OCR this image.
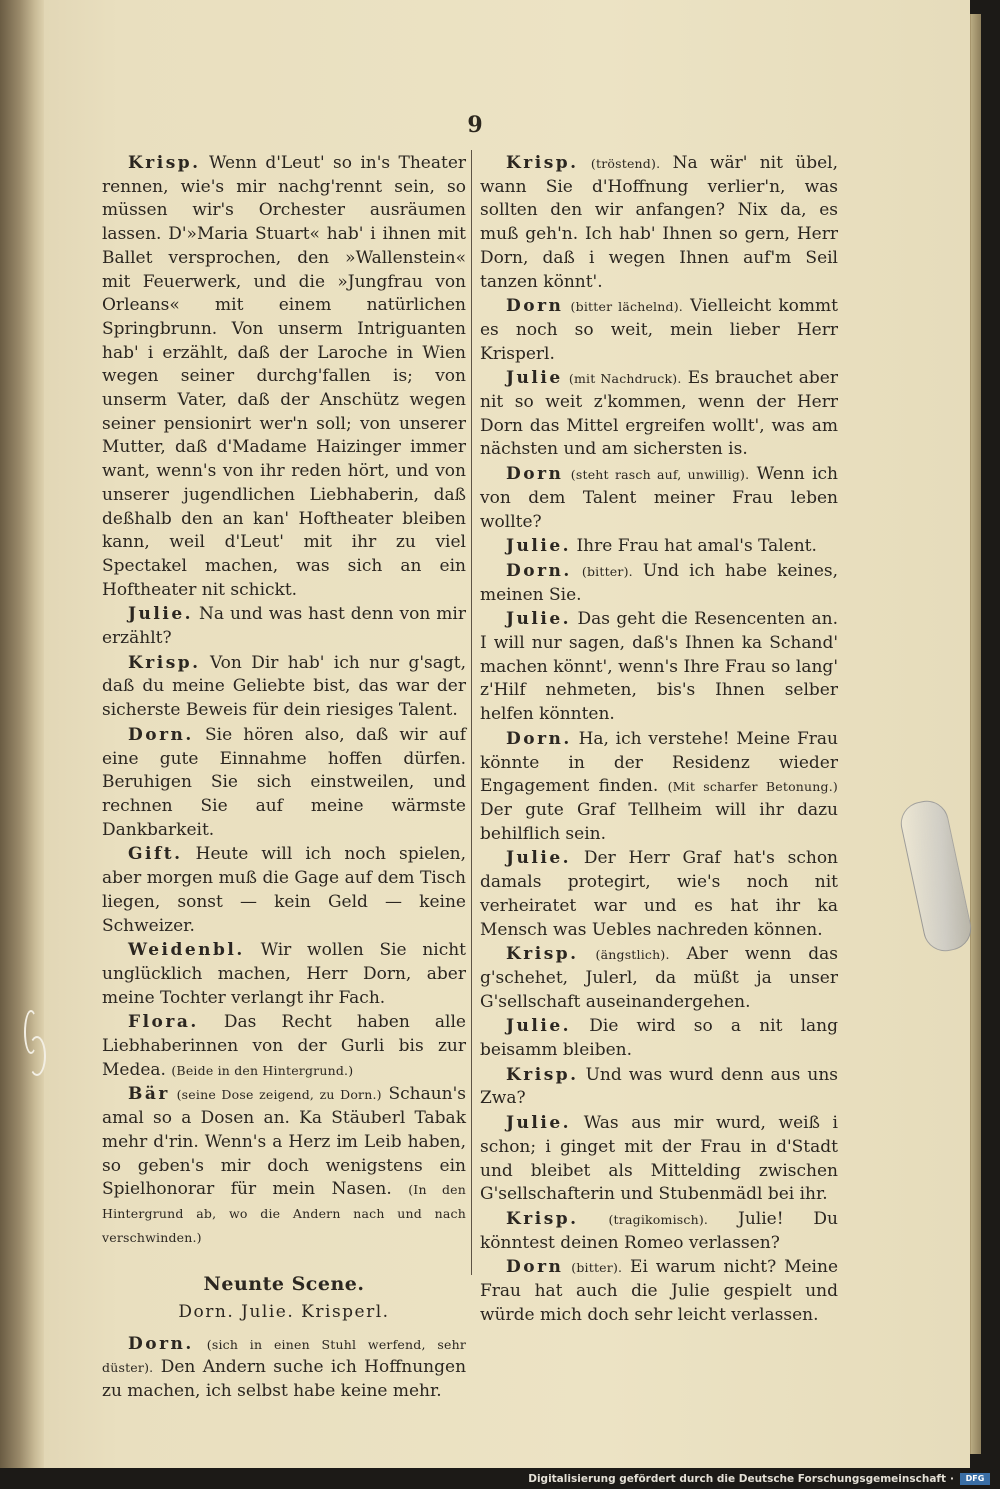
9

Krisp. Wenn d'Leut' so in's Theater rennen, wie's mir nachg'rennt sein, so müssen wir's Orchester ausräumen lassen. D'»Maria Stuart« hab' i ihnen mit Ballet versprochen, den »Wallenstein« mit Feuerwerk, und die »Jungfrau von Orleans« mit einem natürlichen Springbrunn. Von unserm Intriguanten hab' i erzählt, daß der Laroche in Wien wegen seiner durchg'fallen is; von unserm Vater, daß der Anschütz wegen seiner pensionirt wer'n soll; von unserer Mutter, daß d'Madame Haizinger immer want, wenn's von ihr reden hört, und von unserer jugendlichen Liebhaberin, daß deßhalb den an kan' Hoftheater bleiben kann, weil d'Leut' mit ihr zu viel Spectakel machen, was sich an ein Hoftheater nit schickt.

Julie. Na und was hast denn von mir erzählt?

Krisp. Von Dir hab' ich nur g'sagt, daß du meine Geliebte bist, das war der sicherste Beweis für dein riesiges Talent.

Dorn. Sie hören also, daß wir auf eine gute Einnahme hoffen dürfen. Beruhigen Sie sich einstweilen, und rechnen Sie auf meine wärmste Dankbarkeit.

Gift. Heute will ich noch spielen, aber morgen muß die Gage auf dem Tisch liegen, sonst — kein Geld — keine Schweizer.

Weidenbl. Wir wollen Sie nicht unglücklich machen, Herr Dorn, aber meine Tochter verlangt ihr Fach.

Flora. Das Recht haben alle Liebhaberinnen von der Gurli bis zur Medea. (Beide in den Hintergrund.)

Bär (seine Dose zeigend, zu Dorn.) Schaun's amal so a Dosen an. Ka Stäuberl Tabak mehr d'rin. Wenn's a Herz im Leib haben, so geben's mir doch wenigstens ein Spielhonorar für mein Nasen. (In den Hintergrund ab, wo die Andern nach und nach verschwinden.)

Neunte Scene.
Dorn. Julie. Krisperl.

Dorn. (sich in einen Stuhl werfend, sehr düster). Den Andern suche ich Hoffnungen zu machen, ich selbst habe keine mehr.

Krisp. (tröstend). Na wär' nit übel, wann Sie d'Hoffnung verlier'n, was sollten den wir anfangen? Nix da, es muß geh'n. Ich hab' Ihnen so gern, Herr Dorn, daß i wegen Ihnen auf'm Seil tanzen könnt'.

Dorn (bitter lächelnd). Vielleicht kommt es noch so weit, mein lieber Herr Krisperl.

Julie (mit Nachdruck). Es brauchet aber nit so weit z'kommen, wenn der Herr Dorn das Mittel ergreifen wollt', was am nächsten und am sichersten is.

Dorn (steht rasch auf, unwillig). Wenn ich von dem Talent meiner Frau leben wollte?

Julie. Ihre Frau hat amal's Talent.

Dorn. (bitter). Und ich habe keines, meinen Sie.

Julie. Das geht die Resencenten an. I will nur sagen, daß's Ihnen ka Schand' machen könnt', wenn's Ihre Frau so lang' z'Hilf nehmeten, bis's Ihnen selber helfen könnten.

Dorn. Ha, ich verstehe! Meine Frau könnte in der Residenz wieder Engagement finden. (Mit scharfer Betonung.) Der gute Graf Tellheim will ihr dazu behilflich sein.

Julie. Der Herr Graf hat's schon damals protegirt, wie's noch nit verheiratet war und es hat ihr ka Mensch was Uebles nachreden können.

Krisp. (ängstlich). Aber wenn das g'schehet, Julerl, da müßt ja unser G'sellschaft auseinandergehen.

Julie. Die wird so a nit lang beisamm bleiben.

Krisp. Und was wurd denn aus uns Zwa?

Julie. Was aus mir wurd, weiß i schon; i ginget mit der Frau in d'Stadt und bleibet als Mittelding zwischen G'sellschafterin und Stubenmädl bei ihr.

Krisp. (tragikomisch). Julie! Du könntest deinen Romeo verlassen?

Dorn (bitter). Ei warum nicht? Meine Frau hat auch die Julie gespielt und würde mich doch sehr leicht verlassen.

Digitalisierung gefördert durch die Deutsche Forschungsgemeinschaft ·	DFG
